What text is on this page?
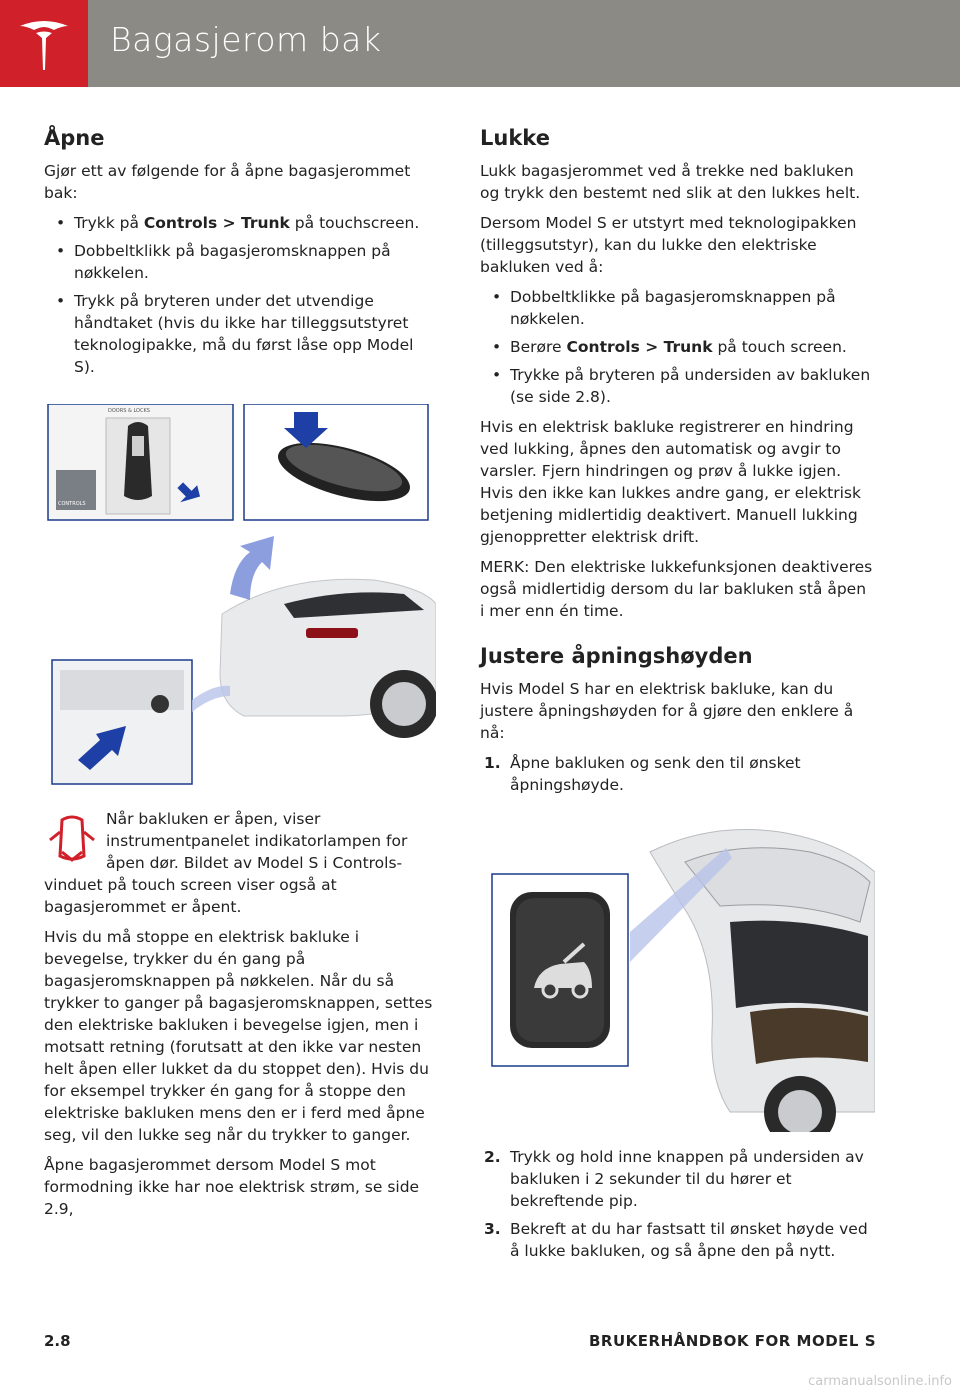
Bagasjerom bak
Åpne

Gjør ett av følgende for å åpne bagasjerommet bak:

• Trykk på Controls > Trunk på touchscreen.
• Dobbeltklikk på bagasjeromsknappen på nøkkelen.
• Trykk på bryteren under det utvendige håndtaket (hvis du ikke har tilleggsutstyret teknologipakke, må du først låse opp Model S).
CONTROLS
DOORS & LOCKS

Når bakluken er åpen, viser instrumentpanelet indikatorlampen for åpen dør. Bildet av Model S i Controls-vinduet på touch screen viser også at bagasjerommet er åpent.

Hvis du må stoppe en elektrisk bakluke i bevegelse, trykker du én gang på bagasjeromsknappen på nøkkelen. Når du så trykker to ganger på bagasjeromsknappen, settes den elektriske bakluken i bevegelse igjen, men i motsatt retning (forutsatt at den ikke var nesten helt åpen eller lukket da du stoppet den). Hvis du for eksempel trykker én gang for å stoppe den elektriske bakluken mens den er i ferd med åpne seg, vil den lukke seg når du trykker to ganger.

Åpne bagasjerommet dersom Model S mot formodning ikke har noe elektrisk strøm, se side 2.9,

Lukke

Lukk bagasjerommet ved å trekke ned bakluken og trykk den bestemt ned slik at den lukkes helt.

Dersom Model S er utstyrt med teknologipakken (tilleggsutstyr), kan du lukke den elektriske bakluken ved å:

• Dobbeltklikke på bagasjeromsknappen på nøkkelen.
• Berøre Controls > Trunk på touch screen.
• Trykke på bryteren på undersiden av bakluken (se side 2.8).

Hvis en elektrisk bakluke registrerer en hindring ved lukking, åpnes den automatisk og avgir to varsler. Fjern hindringen og prøv å lukke igjen. Hvis den ikke kan lukkes andre gang, er elektrisk betjening midlertidig deaktivert. Manuell lukking gjenoppretter elektrisk drift.

MERK: Den elektriske lukkefunksjonen deaktiveres også midlertidig dersom du lar bakluken stå åpen i mer enn én time.

Justere åpningshøyden

Hvis Model S har en elektrisk bakluke, kan du justere åpningshøyden for å gjøre den enklere å nå:

1. Åpne bakluken og senk den til ønsket åpningshøyde.
2. Trykk og hold inne knappen på undersiden av bakluken i 2 sekunder til du hører et bekreftende pip.
3. Bekreft at du har fastsatt til ønsket høyde ved å lukke bakluken, og så åpne den på nytt.
2.8	BRUKERHÅNDBOK FOR MODEL S
carmanualsonline.info
